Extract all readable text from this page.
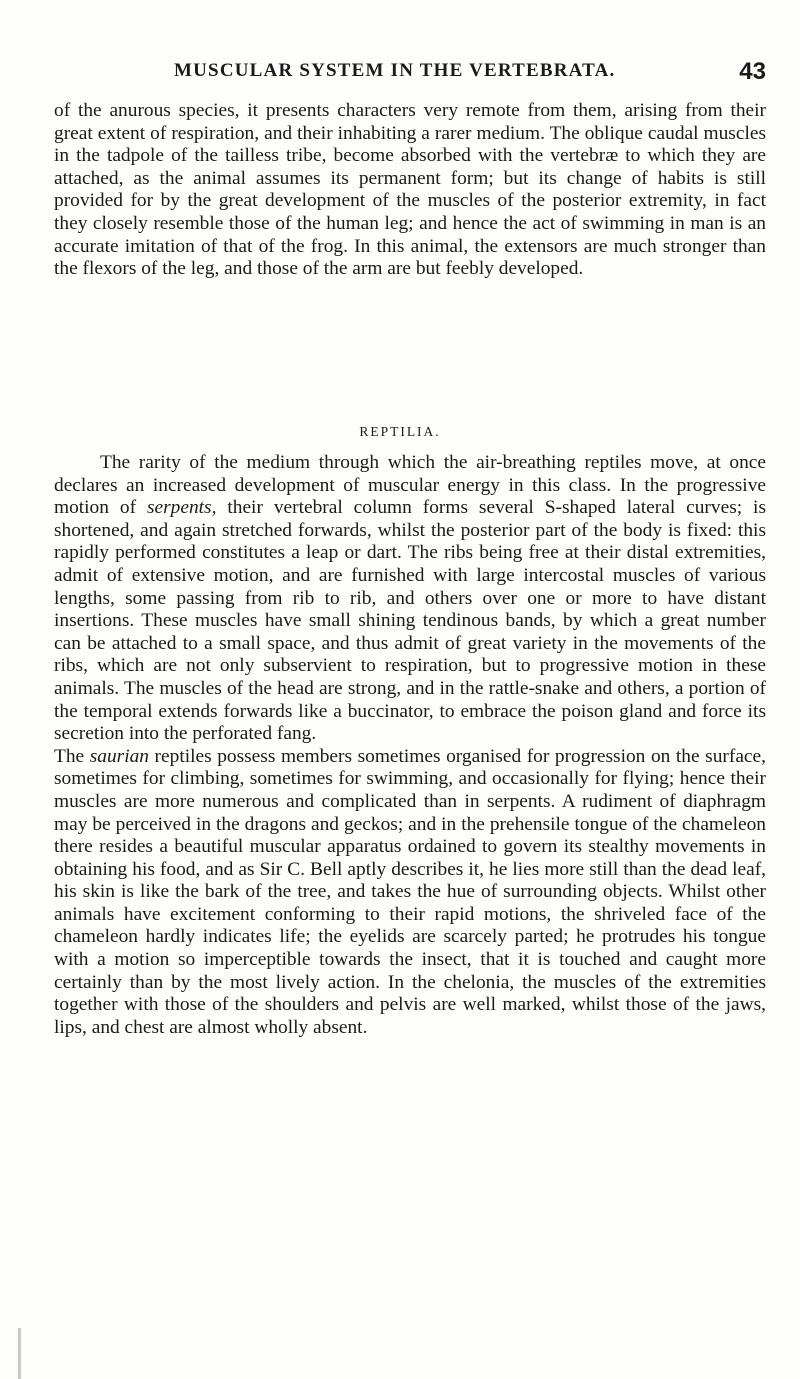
MUSCULAR SYSTEM IN THE VERTEBRATA.	43

of the anurous species, it presents characters very remote from them, arising from their great extent of respiration, and their inhabiting a rarer medium. The oblique caudal muscles in the tadpole of the tailless tribe, become absorbed with the vertebræ to which they are attached, as the animal assumes its permanent form; but its change of habits is still provided for by the great development of the muscles of the posterior extremity, in fact they closely resemble those of the human leg; and hence the act of swimming in man is an accurate imitation of that of the frog. In this animal, the extensors are much stronger than the flexors of the leg, and those of the arm are but feebly developed.

REPTILIA.

The rarity of the medium through which the air-breathing reptiles move, at once declares an increased development of muscular energy in this class. In the progressive motion of serpents, their vertebral column forms several S-shaped lateral curves; is shortened, and again stretched forwards, whilst the posterior part of the body is fixed: this rapidly performed constitutes a leap or dart. The ribs being free at their distal extremities, admit of extensive motion, and are furnished with large intercostal muscles of various lengths, some passing from rib to rib, and others over one or more to have distant insertions. These muscles have small shining tendinous bands, by which a great number can be attached to a small space, and thus admit of great variety in the movements of the ribs, which are not only subservient to respiration, but to progressive motion in these animals. The muscles of the head are strong, and in the rattle-snake and others, a portion of the temporal extends forwards like a buccinator, to embrace the poison gland and force its secretion into the perforated fang.

The saurian reptiles possess members sometimes organised for progression on the surface, sometimes for climbing, sometimes for swimming, and occasionally for flying; hence their muscles are more numerous and complicated than in serpents. A rudiment of diaphragm may be perceived in the dragons and geckos; and in the prehensile tongue of the chameleon there resides a beautiful muscular apparatus ordained to govern its stealthy movements in obtaining his food, and as Sir C. Bell aptly describes it, he lies more still than the dead leaf, his skin is like the bark of the tree, and takes the hue of surrounding objects. Whilst other animals have excitement conforming to their rapid motions, the shriveled face of the chameleon hardly indicates life; the eyelids are scarcely parted; he protrudes his tongue with a motion so imperceptible towards the insect, that it is touched and caught more certainly than by the most lively action. In the chelonia, the muscles of the extremities together with those of the shoulders and pelvis are well marked, whilst those of the jaws, lips, and chest are almost wholly absent.
